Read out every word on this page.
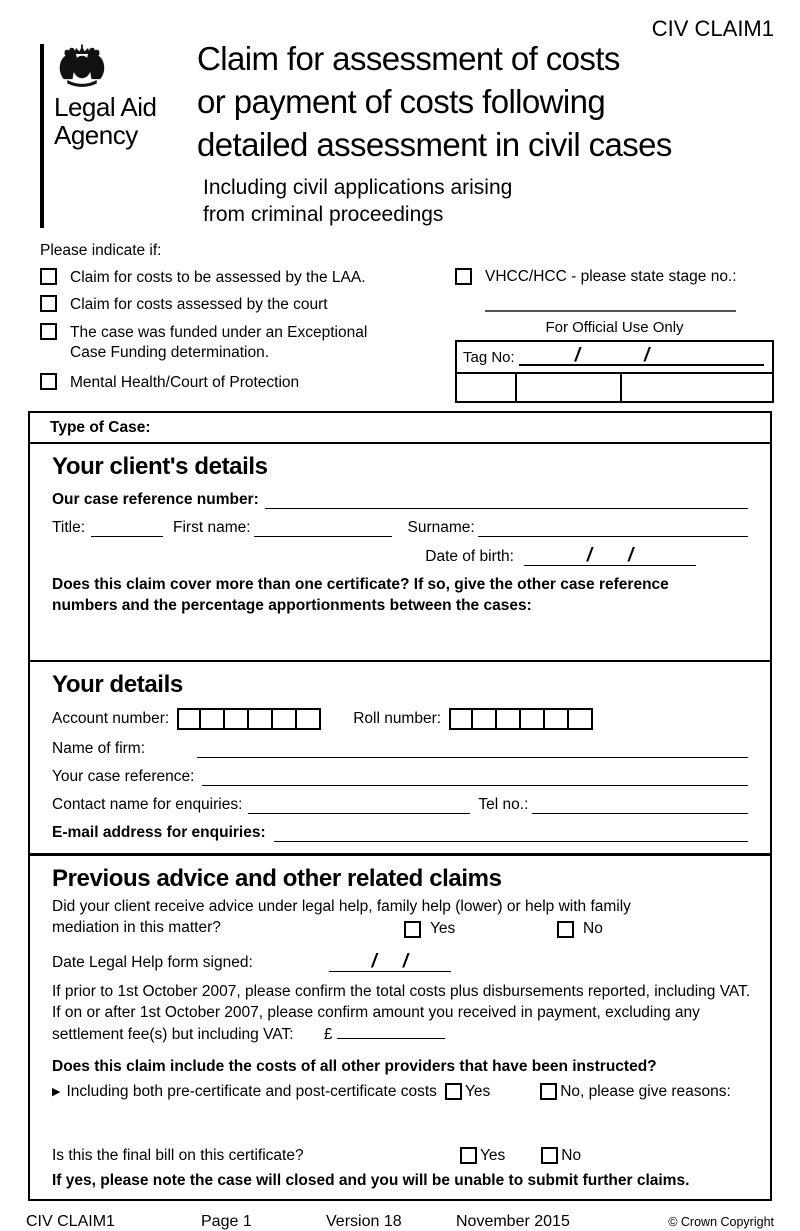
CIV CLAIM1
Legal Aid
Agency
Claim for assessment of costs
or payment of costs following
detailed assessment in civil cases
Including civil applications arising
from criminal proceedings
Please indicate if:
Claim for costs to be assessed by the LAA.
Claim for costs assessed by the court
The case was funded under an Exceptional Case Funding determination.
Mental Health/Court of Protection
VHCC/HCC - please state stage no.:
For Official Use Only
Tag No:	/	/
Type of Case:
Your client's details
Our case reference number:
Title:	First name:	Surname:
Date of birth:	/ /
Does this claim cover more than one certificate? If so, give the other case reference numbers and the percentage apportionments between the cases:
Your details
Account number:	Roll number:
Name of firm:
Your case reference:
Contact name for enquiries:	Tel no.:
E-mail address for enquiries:
Previous advice and other related claims
Did your client receive advice under legal help, family help (lower) or help with family mediation in this matter?	Yes	No
Date Legal Help form signed:	/ /
If prior to 1st October 2007, please confirm the total costs plus disbursements reported, including VAT. If on or after 1st October 2007, please confirm amount you received in payment, excluding any settlement fee(s) but including VAT: £
Does this claim include the costs of all other providers that have been instructed?
▶ Including both pre-certificate and post-certificate costs Yes	No, please give reasons:
Is this the final bill on this certificate?	Yes	No
If yes, please note the case will closed and you will be unable to submit further claims.
CIV CLAIM1	Page 1	Version 18	November 2015	© Crown Copyright
